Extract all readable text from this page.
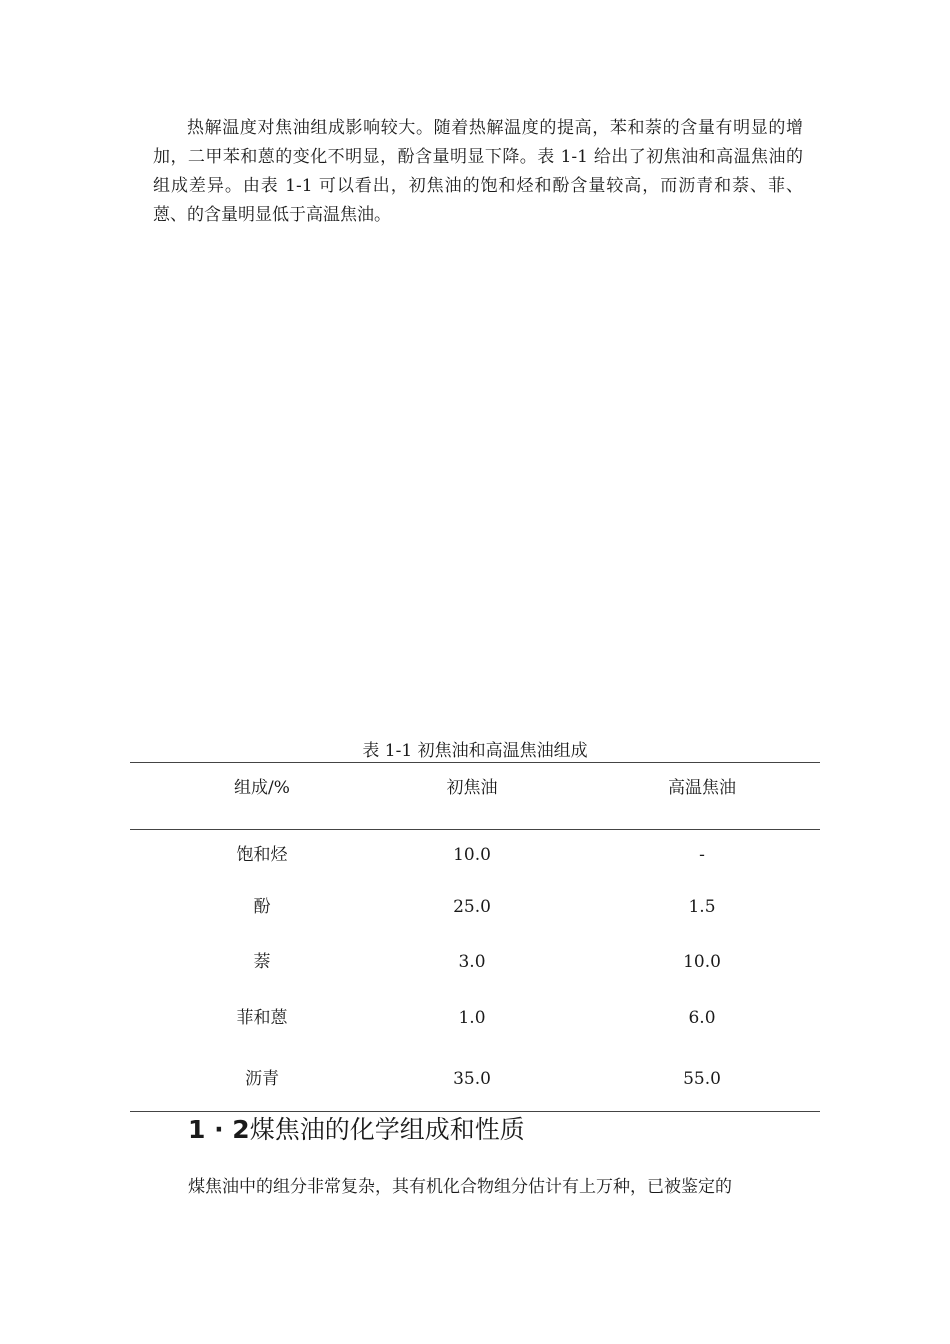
热解温度对焦油组成影响较大。随着热解温度的提高，苯和萘的含量有明显的增加，二甲苯和蒽的变化不明显，酚含量明显下降。表 1-1 给出了初焦油和高温焦油的组成差异。由表 1-1 可以看出，初焦油的饱和烃和酚含量较高，而沥青和萘、菲、蒽、的含量明显低于高温焦油。

表 1-1 初焦油和高温焦油组成
组成/%	初焦油	高温焦油
饱和烃	10.0	-
酚	25.0	1.5
萘	3.0	10.0
菲和蒽	1.0	6.0
沥青	35.0	55.0
1 · 2煤焦油的化学组成和性质

煤焦油中的组分非常复杂，其有机化合物组分估计有上万种，已被鉴定的
